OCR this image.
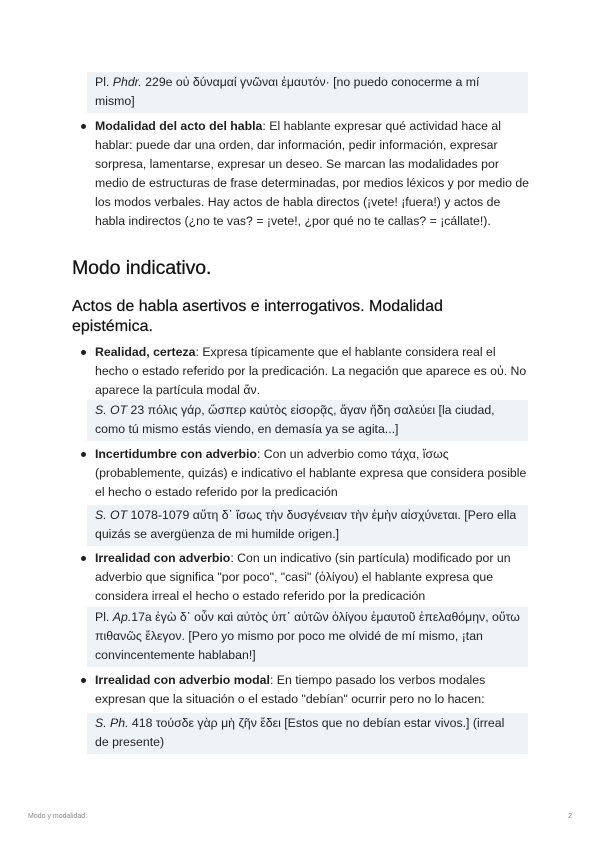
Pl. Phdr. 229e οὐ δύναμαί γνῶναι ἐμαυτόν· [no puedo conocerme a mí mismo]
Modalidad del acto del habla: El hablante expresar qué actividad hace al hablar: puede dar una orden, dar información, pedir información, expresar sorpresa, lamentarse, expresar un deseo. Se marcan las modalidades por medio de estructuras de frase determinadas, por medios léxicos y por medio de los modos verbales. Hay actos de habla directos (¡vete! ¡fuera!) y actos de habla indirectos (¿no te vas? = ¡vete!, ¿por qué no te callas? = ¡cállate!).
Modo indicativo.
Actos de habla asertivos e interrogativos. Modalidad epistémica.
Realidad, certeza: Expresa típicamente que el hablante considera real el hecho o estado referido por la predicación. La negación que aparece es οὐ. No aparece la partícula modal ἄν.
S. OT 23 πόλις γάρ, ὥσπερ καὐτὸς εἰσορᾷς, ἄγαν ἤδη σαλεύει [la ciudad, como tú mismo estás viendo, en demasía ya se agita...]
Incertidumbre con adverbio: Con un adverbio como τάχα, ἴσως (probablemente, quizás) e indicativo el hablante expresa que considera posible el hecho o estado referido por la predicación
S. OT 1078-1079 αὕτη δ᾽ ἴσως τὴν δυσγένειαν τὴν ἐμὴν αἰσχύνεται. [Pero ella quizás se avergüenza de mi humilde origen.]
Irrealidad con adverbio: Con un indicativo (sin partícula) modificado por un adverbio que significa "por poco", "casi" (ὀλίγου) el hablante expresa que considera irreal el hecho o estado referido por la predicación
Pl. Ap.17a ἐγὼ δ᾽ οὖν καὶ αὐτὸς ὑπ᾽ αὐτῶν ὀλίγου ἐμαυτοῦ ἐπελαθόμην, οὕτω πιθανῶς ἔλεγον. [Pero yo mismo por poco me olvidé de mí mismo, ¡tan convincentemente hablaban!]
Irrealidad con adverbio modal: En tiempo pasado los verbos modales expresan que la situación o el estado "debían" ocurrir pero no lo hacen:
S. Ph. 418 τούσδε γὰρ μὴ ζῆν ἔδει [Estos que no debían estar vivos.] (irreal de presente)
Modo y modalidad:	2
